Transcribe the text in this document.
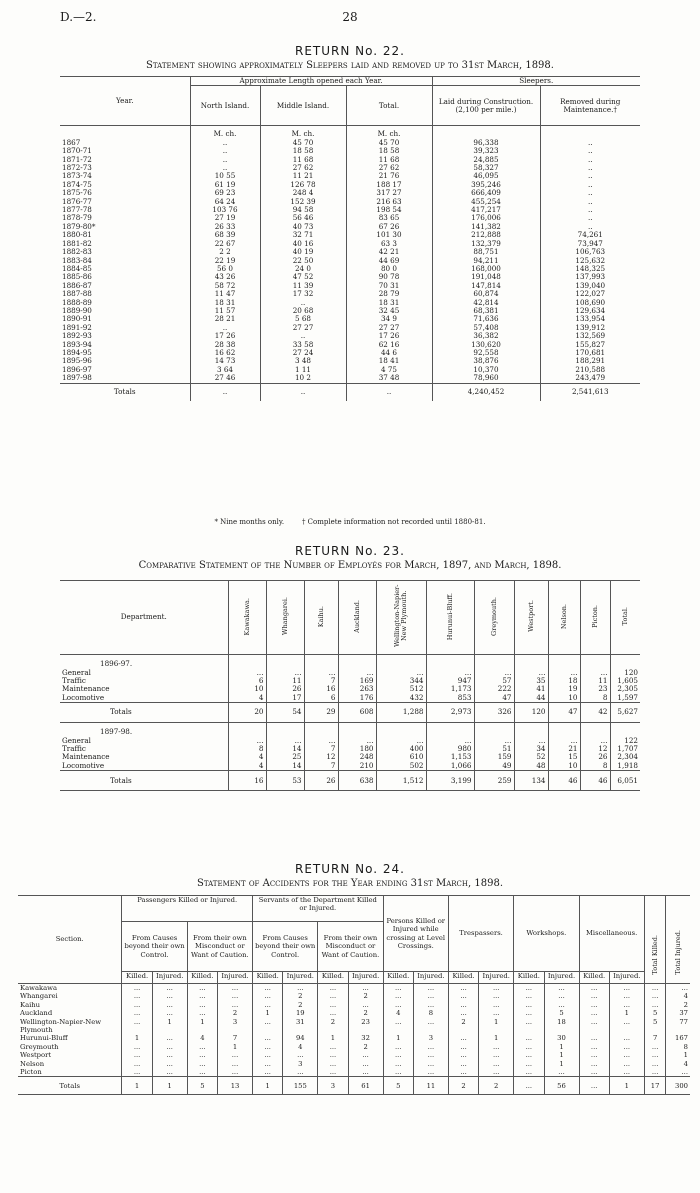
D.—2.	28
RETURN No. 22.
Statement showing approximately Sleepers laid and removed up to 31st March, 1898.
Year.	Approximate Length opened each Year.			Sleepers.	
	North Island.	Middle Island.	Total.	Laid during Construction. (2,100 per mile.)	Removed during Maintenance.†
	M. ch.	M. ch.	M. ch.		
1867	..	45 70	45 70	96,338	..
1870-71	..	18 58	18 58	39,323	..
1871-72	..	11 68	11 68	24,885	..
1872-73	..	27 62	27 62	58,327	..
1873-74	10 55	11 21	21 76	46,095	..
1874-75	61 19	126 78	188 17	395,246	..
1875-76	69 23	248 4	317 27	666,409	..
1876-77	64 24	152 39	216 63	455,254	..
1877-78	103 76	94 58	198 54	417,217	..
1878-79	27 19	56 46	83 65	176,006	..
1879-80*	26 33	40 73	67 26	141,382	..
1880-81	68 39	32 71	101 30	212,888	74,261
1881-82	22 67	40 16	63 3	132,379	73,947
1882-83	2 2	40 19	42 21	88,751	106,763
1883-84	22 19	22 50	44 69	94,211	125,632
1884-85	56 0	24 0	80 0	168,000	148,325
1885-86	43 26	47 52	90 78	191,048	137,993
1886-87	58 72	11 39	70 31	147,814	139,040
1887-88	11 47	17 32	28 79	60,874	122,027
1888-89	18 31	..	18 31	42,814	108,690
1889-90	11 57	20 68	32 45	68,381	129,634
1890-91	28 21	5 68	34 9	71,636	133,954
1891-92	..	27 27	27 27	57,408	139,912
1892-93	17 26	..	17 26	36,382	132,569
1893-94	28 38	33 58	62 16	130,620	155,827
1894-95	16 62	27 24	44 6	92,558	170,681
1895-96	14 73	3 48	18 41	38,876	188,291
1896-97	3 64	1 11	4 75	10,370	210,588
1897-98	27 46	10 2	37 48	78,960	243,479
Totals	..	..	..	4,240,452	2,541,613
* Nine months only.	† Complete information not recorded until 1880-81.
RETURN No. 23.
Comparative Statement of the Number of Employés for March, 1897, and March, 1898.
Department.	Kawakawa.	Whangarei.	Kaihu.	Auckland.	Wellington-Napier-New Plymouth.	Hurunui-Bluff.	Greymouth.	Westport.	Nelson.	Picton.	Total.
1896-97.											
General	...	...	...	...	...	...	...	...	...	...	120
Traffic	6	11	7	169	344	947	57	35	18	11	1,605
Maintenance	10	26	16	263	512	1,173	222	41	19	23	2,305
Locomotive	4	17	6	176	432	853	47	44	10	8	1,597
Totals	20	54	29	608	1,288	2,973	326	120	47	42	5,627
1897-98.											
General	...	...	...	...	...	...	...	...	...	...	122
Traffic	8	14	7	180	400	980	51	34	21	12	1,707
Maintenance	4	25	12	248	610	1,153	159	52	15	26	2,304
Locomotive	4	14	7	210	502	1,066	49	48	10	8	1,918
Totals	16	53	26	638	1,512	3,199	259	134	46	46	6,051
RETURN No. 24.
Statement of Accidents for the Year ending 31st March, 1898.
Section.	Passengers Killed or Injured.				Servants of the Department Killed or Injured.				Persons Killed or Injured while crossing at Level Crossings.		Trespassers.		Workshops.		Miscellaneous.		Total Killed.	Total Injured.
	From Causes beyond their own Control.		From their own Misconduct or Want of Caution.		From Causes beyond their own Control.		From their own Misconduct or Want of Caution.											
	Killed.	Injured.	Killed.	Injured.	Killed.	Injured.	Killed.	Injured.	Killed.	Injured.	Killed.	Injured.	Killed.	Injured.	Killed.	Injured.		
Kawakawa	...	...	...	...	...	...	...	...	...	...	...	...	...	...	...	...	...	...
Whangarei	...	...	...	...	...	2	...	2	...	...	...	...	...	...	...	...	...	4
Kaihu	...	...	...	...	...	2	...	...	...	...	...	...	...	...	...	...	...	2
Auckland	...	...	...	2	1	19	...	2	4	8	...	...	...	5	...	1	5	37
Wellington-Napier-New Plymouth	...	1	1	3	...	31	2	23	...	...	2	1	...	18	...	...	5	77
Hurunui-Bluff	1	...	4	7	...	94	1	32	1	3	...	1	...	30	...	...	7	167
Greymouth	...	...	...	1	...	4	...	2	...	...	...	...	...	1	...	...	...	8
Westport	...	...	...	...	...	...	...	...	...	...	...	...	...	1	...	...	...	1
Nelson	...	...	...	...	...	3	...	...	...	...	...	...	...	1	...	...	...	4
Picton	...	...	...	...	...	...	...	...	...	...	...	...	...	...	...	...	...	...
Totals	1	1	5	13	1	155	3	61	5	11	2	2	...	56	...	1	17	300
